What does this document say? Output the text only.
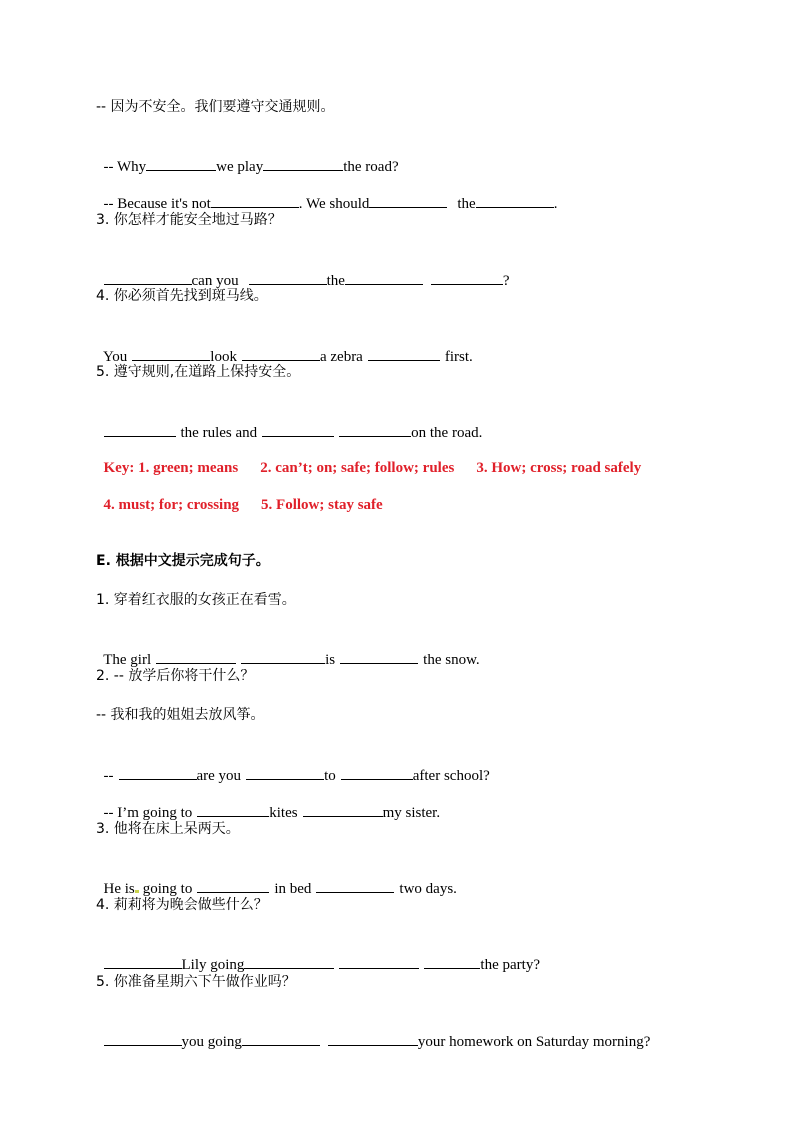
-- 因为不安全。我们要遵守交通规则。

-- Why	we play	the road?

-- Because it's not	. We should	the	.

3. 你怎样才能安全地过马路？

can you	the	?

4. 你必须首先找到斑马线。

You	look	a zebra	first.

5. 遵守规则,在道路上保持安全。

the rules and	on the road.

Key: 1. green; means 2. can’t; on; safe; follow; rules 3. How; cross; road safely

4. must; for; crossing 5. Follow; stay safe

E. 根据中文提示完成句子。
1. 穿着红衣服的女孩正在看雪。

The girl	is	the snow.

2. -- 放学后你将干什么？
-- 我和我的姐姐去放风筝。

--	are you	to	after school?

-- I’m going to	kites	my sister.

3. 他将在床上呆两天。

He is going to	in bed	two days.

4. 莉莉将为晚会做些什么？

Lily going	the party?

5. 你准备星期六下午做作业吗？

you going	your homework on Saturday morning?
